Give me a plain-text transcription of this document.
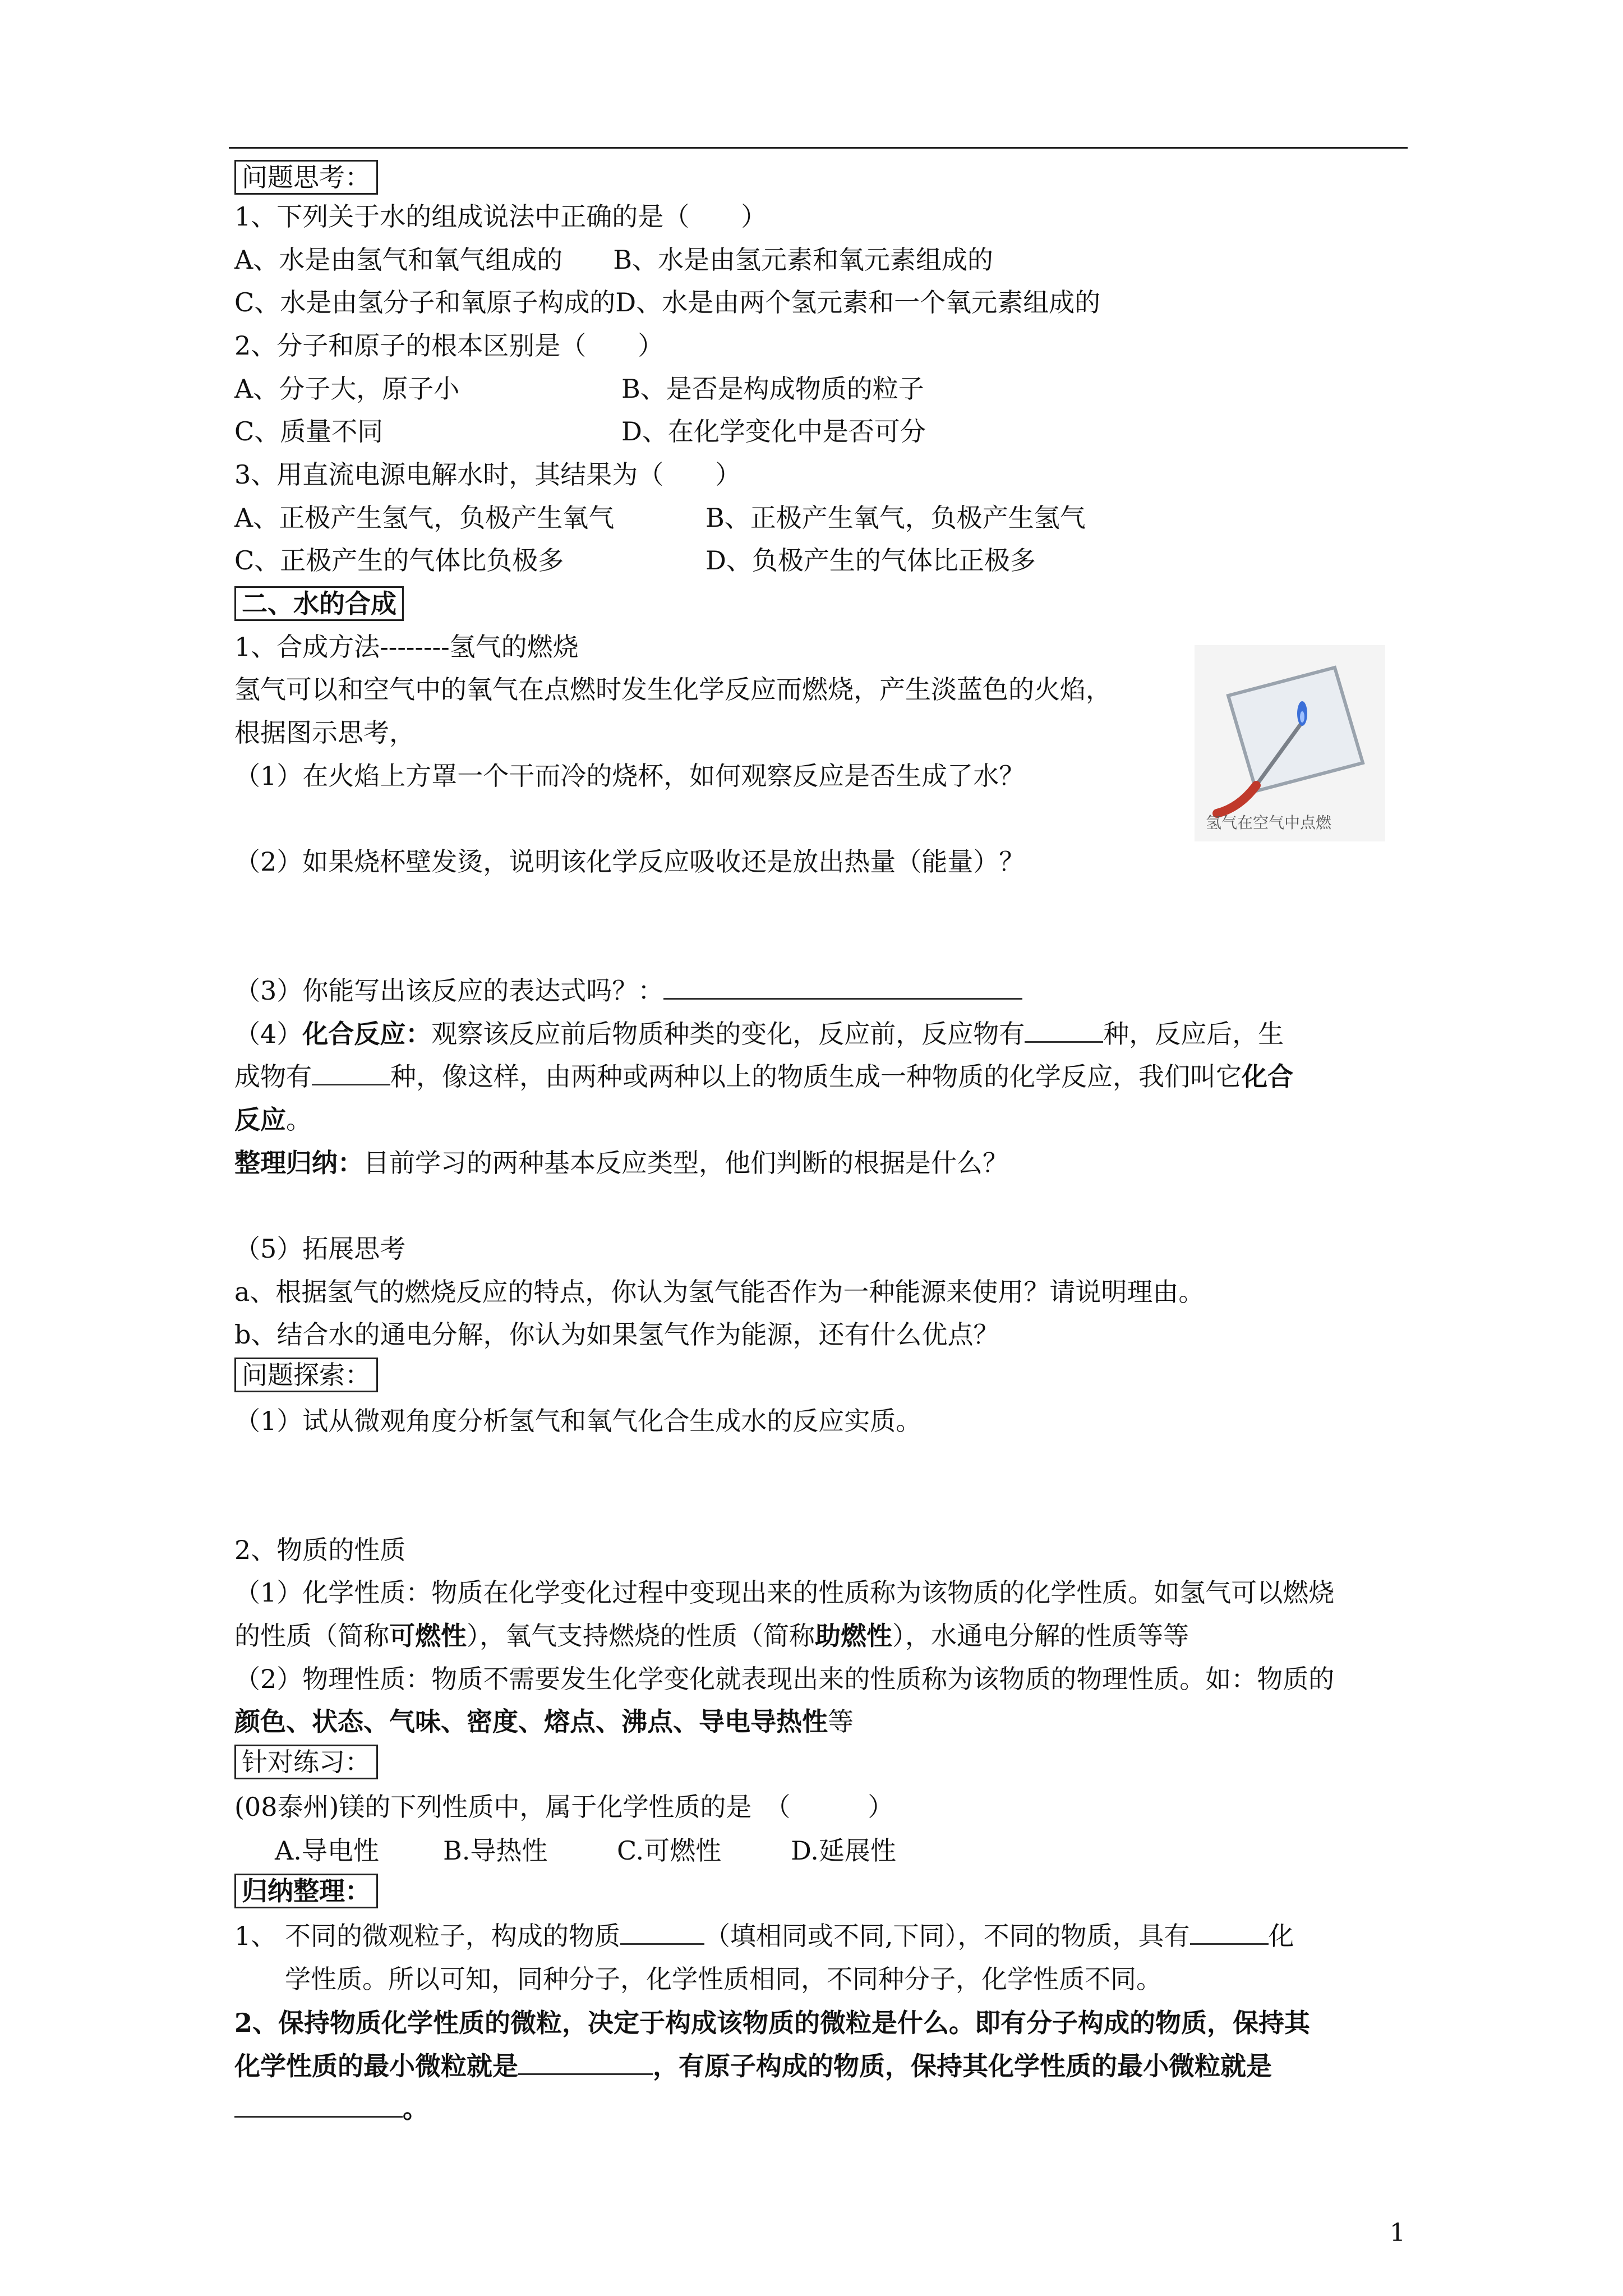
问题思考：
1、下列关于水的组成说法中正确的是（　　）
A、水是由氢气和氧气组成的 B、水是由氢元素和氧元素组成的
C、水是由氢分子和氧原子构成的D、水是由两个氢元素和一个氧元素组成的
2、分子和原子的根本区别是（　　）
A、分子大，原子小	B、是否是构成物质的粒子
C、质量不同	D、在化学变化中是否可分
3、用直流电源电解水时，其结果为（　　）
A、正极产生氢气，负极产生氧气	B、正极产生氧气，负极产生氢气
C、正极产生的气体比负极多	D、负极产生的气体比正极多
二、水的合成
1、合成方法--------氢气的燃烧
氢气可以和空气中的氧气在点燃时发生化学反应而燃烧，产生淡蓝色的火焰，
根据图示思考，
（1）在火焰上方罩一个干而冷的烧杯，如何观察反应是否生成了水？
（2）如果烧杯壁发烫，说明该化学反应吸收还是放出热量（能量）？
氢气在空气中点燃
（3）你能写出该反应的表达式吗？：
（4）化合反应：观察该反应前后物质种类的变化，反应前，反应物有	种，反应后，生
成物有	种，像这样，由两种或两种以上的物质生成一种物质的化学反应，我们叫它化合
反应。
整理归纳：目前学习的两种基本反应类型，他们判断的根据是什么？
（5）拓展思考
a、根据氢气的燃烧反应的特点，你认为氢气能否作为一种能源来使用？请说明理由。
b、结合水的通电分解，你认为如果氢气作为能源，还有什么优点？
问题探索：
（1）试从微观角度分析氢气和氧气化合生成水的反应实质。
2、物质的性质
（1）化学性质：物质在化学变化过程中变现出来的性质称为该物质的化学性质。如氢气可以燃烧
的性质（简称可燃性），氧气支持燃烧的性质（简称助燃性），水通电分解的性质等等
（2）物理性质：物质不需要发生化学变化就表现出来的性质称为该物质的物理性质。如：物质的
颜色、状态、气味、密度、熔点、沸点、导电导热性等
针对练习：
(08泰州)镁的下列性质中，属于化学性质的是　（　　　）
A.导电性 B.导热性	C.可燃性	D.延展性
归纳整理：
1、 不同的微观粒子，构成的物质	（填相同或不同,下同），不同的物质，具有	化
学性质。所以可知，同种分子，化学性质相同，不同种分子，化学性质不同。
2、保持物质化学性质的微粒，决定于构成该物质的微粒是什么。即有分子构成的物质，保持其
化学性质的最小微粒就是	，有原子构成的物质，保持其化学性质的最小微粒就是
。
1
